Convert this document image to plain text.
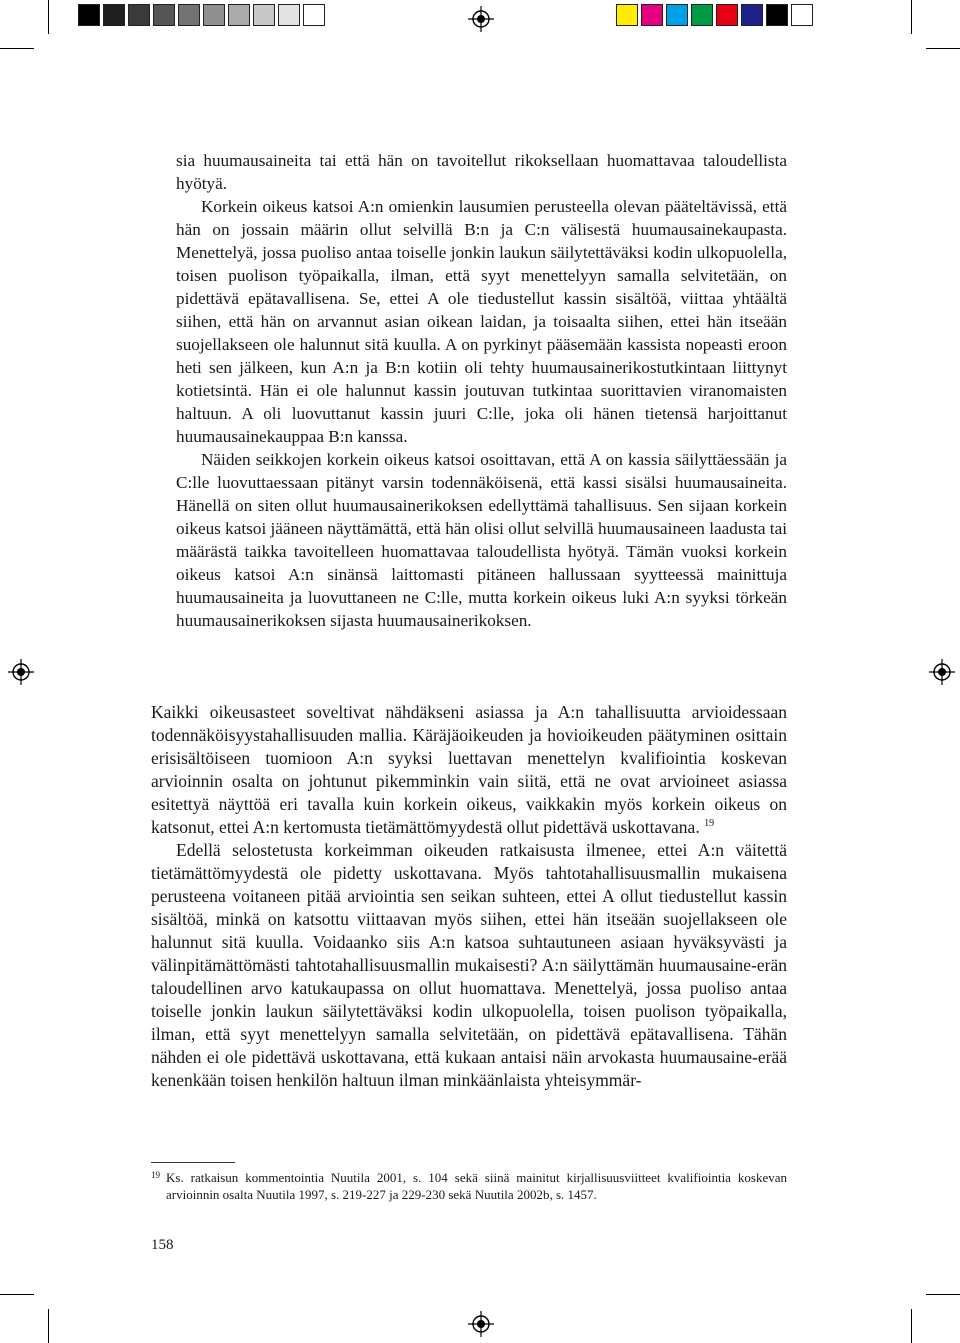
sia huumausaineita tai että hän on tavoitellut rikoksellaan huomattavaa taloudellista hyötyä.

Korkein oikeus katsoi A:n omienkin lausumien perusteella olevan pääteltävissä, että hän on jossain määrin ollut selvillä B:n ja C:n välisestä huumausainekaupasta. Menettelyä, jossa puoliso antaa toiselle jonkin laukun säilytettäväksi kodin ulkopuolella, toisen puolison työpaikalla, ilman, että syyt menettelyyn samalla selvitetään, on pidettävä epätavallisena. Se, ettei A ole tiedustellut kassin sisältöä, viittaa yhtäältä siihen, että hän on arvannut asian oikean laidan, ja toisaalta siihen, ettei hän itseään suojellakseen ole halunnut sitä kuulla. A on pyrkinyt pääsemään kassista nopeasti eroon heti sen jälkeen, kun A:n ja B:n kotiin oli tehty huumausainerikostutkintaan liittynyt kotietsintä. Hän ei ole halunnut kassin joutuvan tutkintaa suorittavien viranomaisten haltuun. A oli luovuttanut kassin juuri C:lle, joka oli hänen tietensä harjoittanut huumausainekauppaa B:n kanssa.

Näiden seikkojen korkein oikeus katsoi osoittavan, että A on kassia säilyttäessään ja C:lle luovuttaessaan pitänyt varsin todennäköisenä, että kassi sisälsi huumausaineita. Hänellä on siten ollut huumausainerikoksen edellyttämä tahallisuus. Sen sijaan korkein oikeus katsoi jääneen näyttämättä, että hän olisi ollut selvillä huumausaineen laadusta tai määrästä taikka tavoitelleen huomattavaa taloudellista hyötyä. Tämän vuoksi korkein oikeus katsoi A:n sinänsä laittomasti pitäneen hallussaan syytteessä mainittuja huumausaineita ja luovuttaneen ne C:lle, mutta korkein oikeus luki A:n syyksi törkeän huumausainerikoksen sijasta huumausainerikoksen.

Kaikki oikeusasteet soveltivat nähdäkseni asiassa ja A:n tahallisuutta arvioidessaan todennäköisyystahallisuuden mallia. Käräjäoikeuden ja hovioikeuden päätyminen osittain erisisältöiseen tuomioon A:n syyksi luettavan menettelyn kvalifiointia koskevan arvioinnin osalta on johtunut pikemminkin vain siitä, että ne ovat arvioineet asiassa esitettyä näyttöä eri tavalla kuin korkein oikeus, vaikkakin myös korkein oikeus on katsonut, ettei A:n kertomusta tietämättömyydestä ollut pidettävä uskottavana. $^{19}$

Edellä selostetusta korkeimman oikeuden ratkaisusta ilmenee, ettei A:n väitettä tietämättömyydestä ole pidetty uskottavana. Myös tahtotahallisuusmallin mukaisena perusteena voitaneen pitää arviointia sen seikan suhteen, ettei A ollut tiedustellut kassin sisältöä, minkä on katsottu viittaavan myös siihen, ettei hän itseään suojellakseen ole halunnut sitä kuulla. Voidaanko siis A:n katsoa suhtautuneen asiaan hyväksyvästi ja välinpitämättömästi tahtotahallisuusmallin mukaisesti? A:n säilyttämän huumausaine-erän taloudellinen arvo katukaupassa on ollut huomattava. Menettelyä, jossa puoliso antaa toiselle jonkin laukun säilytettäväksi kodin ulkopuolella, toisen puolison työpaikalla, ilman, että syyt menettelyyn samalla selvitetään, on pidettävä epätavallisena. Tähän nähden ei ole pidettävä uskottavana, että kukaan antaisi näin arvokasta huumausaine-erää kenenkään toisen henkilön haltuun ilman minkäänlaista yhteisymmär-

19 Ks. ratkaisun kommentointia Nuutila 2001, s. 104 sekä siinä mainitut kirjallisuusviitteet kvalifiointia koskevan arvioinnin osalta Nuutila 1997, s. 219-227 ja 229-230 sekä Nuutila 2002b, s. 1457.
158
